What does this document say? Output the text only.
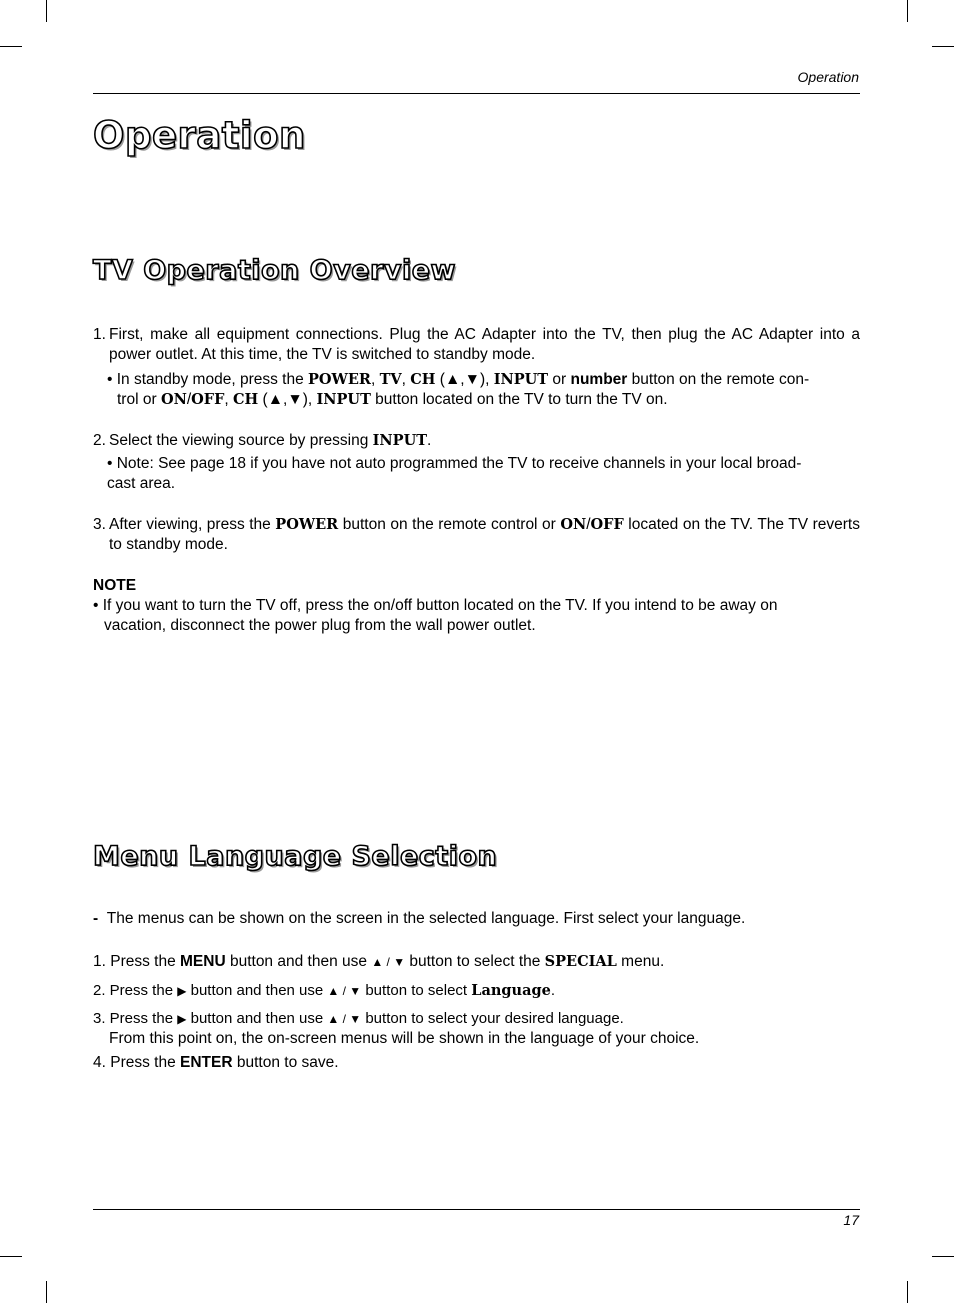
Operation
Operation
TV Operation Overview
1. First, make all equipment connections. Plug the AC Adapter into the TV, then plug the AC Adapter into a power outlet. At this time, the TV is switched to standby mode.
• In standby mode, press the POWER, TV, CH (▲,▼), INPUT or number button on the remote con-
trol or ON/OFF, CH (▲,▼), INPUT button located on the TV to turn the TV on.
2. Select the viewing source by pressing INPUT.
• Note: See page 18 if you have not auto programmed the TV to receive channels in your local broad-
cast area.
3. After viewing, press the POWER button on the remote control or ON/OFF located on the TV. The TV reverts to standby mode.
NOTE
• If you want to turn the TV off, press the on/off button located on the TV. If you intend to be away on
vacation, disconnect the power plug from the wall power outlet.
Menu Language Selection
- The menus can be shown on the screen in the selected language. First select your language.
1. Press the MENU button and then use ▲ / ▼ button to select the SPECIAL menu.
2. Press the ▶ button and then use ▲ / ▼ button to select Language.
3. Press the ▶ button and then use ▲ / ▼ button to select your desired language.
From this point on, the on-screen menus will be shown in the language of your choice.
4. Press the ENTER button to save.
17
